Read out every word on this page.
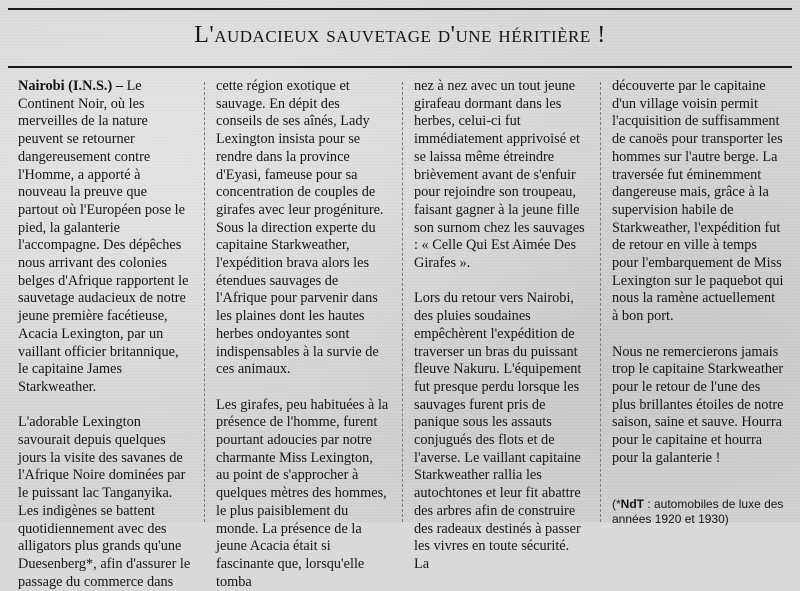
L'audacieux sauvetage d'une héritière !

Nairobi (I.N.S.) – Le Continent Noir, où les merveilles de la nature peuvent se retourner dangereusement contre l'Homme, a apporté à nouveau la preuve que partout où l'Européen pose le pied, la galanterie l'accompagne. Des dépêches nous arrivant des colonies belges d'Afrique rapportent le sauvetage audacieux de notre jeune première facétieuse, Acacia Lexington, par un vaillant officier britannique, le capitaine James Starkweather.

L'adorable Lexington savourait depuis quelques jours la visite des savanes de l'Afrique Noire dominées par le puissant lac Tanganyika. Les indigènes se battent quotidiennement avec des alligators plus grands qu'une Duesenberg*, afin d'assurer le passage du commerce dans

cette région exotique et sauvage. En dépit des conseils de ses aînés, Lady Lexington insista pour se rendre dans la province d'Eyasi, fameuse pour sa concentration de couples de girafes avec leur progéniture. Sous la direction experte du capitaine Starkweather, l'expédition brava alors les étendues sauvages de l'Afrique pour parvenir dans les plaines dont les hautes herbes ondoyantes sont indispensables à la survie de ces animaux.

Les girafes, peu habituées à la présence de l'homme, furent pourtant adoucies par notre charmante Miss Lexington, au point de s'approcher à quelques mètres des hommes, le plus paisiblement du monde. La présence de la jeune Acacia était si fascinante que, lorsqu'elle tomba

nez à nez avec un tout jeune girafeau dormant dans les herbes, celui-ci fut immédiatement apprivoisé et se laissa même étreindre brièvement avant de s'enfuir pour rejoindre son troupeau, faisant gagner à la jeune fille son surnom chez les sauvages : « Celle Qui Est Aimée Des Girafes ».

Lors du retour vers Nairobi, des pluies soudaines empêchèrent l'expédition de traverser un bras du puissant fleuve Nakuru. L'équipement fut presque perdu lorsque les sauvages furent pris de panique sous les assauts conjugués des flots et de l'averse. Le vaillant capitaine Starkweather rallia les autochtones et leur fit abattre des arbres afin de construire des radeaux destinés à passer les vivres en toute sécurité. La

découverte par le capitaine d'un village voisin permit l'acquisition de suffisamment de canoës pour transporter les hommes sur l'autre berge. La traversée fut éminemment dangereuse mais, grâce à la supervision habile de Starkweather, l'expédition fut de retour en ville à temps pour l'embarquement de Miss Lexington sur le paquebot qui nous la ramène actuellement à bon port.

Nous ne remercierons jamais trop le capitaine Starkweather pour le retour de l'une des plus brillantes étoiles de notre saison, saine et sauve. Hourra pour le capitaine et hourra pour la galanterie !

(*NdT : automobiles de luxe des années 1920 et 1930)
